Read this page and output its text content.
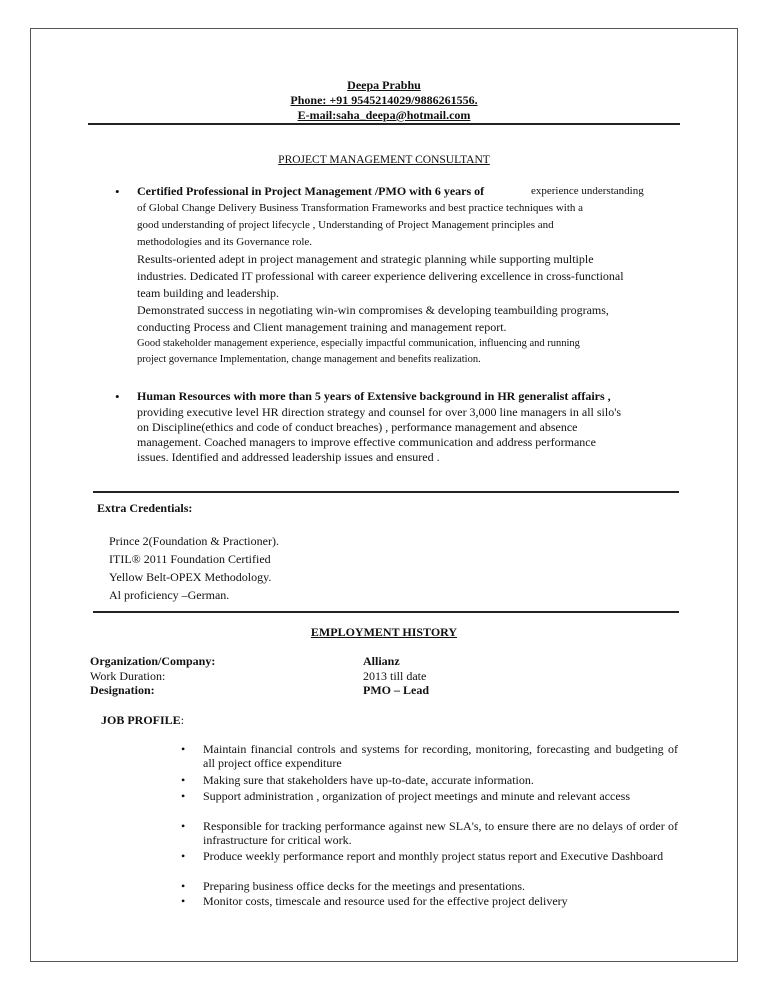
Deepa Prabhu
Phone: +91 9545214029/9886261556.
E-mail:saha_deepa@hotmail.com
PROJECT MANAGEMENT CONSULTANT
• Certified Professional in Project Management /PMO with 6 years of	experience understanding
of Global Change Delivery Business Transformation Frameworks and best practice techniques with a
good understanding of project lifecycle , Understanding of Project Management principles and
methodologies and its Governance role.
Results-oriented adept in project management and strategic planning while supporting multiple
industries. Dedicated IT professional with career experience delivering excellence in cross-functional
team building and leadership.
Demonstrated success in negotiating win-win compromises & developing teambuilding programs,
conducting Process and Client management training and management report.
Good stakeholder management experience, especially impactful communication, influencing and running
project governance Implementation, change management and benefits realization.
• Human Resources with more than 5 years of Extensive background in HR generalist affairs ,
providing executive level HR direction strategy and counsel for over 3,000 line managers in all silo's
on Discipline(ethics and code of conduct breaches) , performance management and absence
management. Coached managers to improve effective communication and address performance
issues. Identified and addressed leadership issues and ensured .
Extra Credentials:
Prince 2(Foundation & Practioner).
ITIL® 2011 Foundation Certified
Yellow Belt-OPEX Methodology.
Al proficiency –German.
EMPLOYMENT HISTORY
Organization/Company:	Allianz
Work Duration:	2013 till date
Designation:	PMO – Lead
JOB PROFILE:
• Maintain financial controls and systems for recording, monitoring, forecasting and budgeting of all project office expenditure
• Making sure that stakeholders have up-to-date, accurate information.
• Support administration , organization of project meetings and minute and relevant access
• Responsible for tracking performance against new SLA's, to ensure there are no delays of order of infrastructure for critical work.
• Produce weekly performance report and monthly project status report and Executive Dashboard
• Preparing business office decks for the meetings and presentations.
• Monitor costs, timescale and resource used for the effective project delivery
